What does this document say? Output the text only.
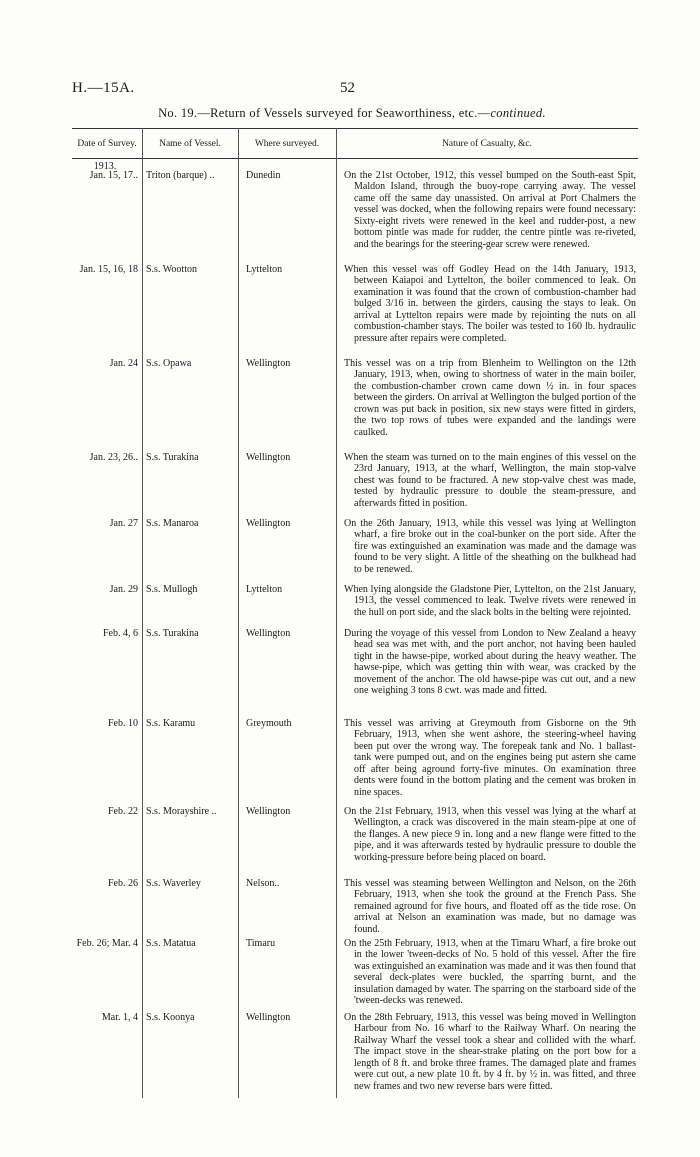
H.—15A.	52
No. 19.—Return of Vessels surveyed for Seaworthiness, etc.—continued.
Date of Survey.	Name of Vessel.	Where surveyed.	Nature of Casualty, &c.
1913.
Jan. 15, 17.. Triton (barque) ..	Dunedin	On the 21st October, 1912, this vessel bumped on the South-east Spit, Maldon Island, through the buoy-rope carrying away. The vessel came off the same day unassisted. On arrival at Port Chalmers the vessel was docked, when the following repairs were found necessary: Sixty-eight rivets were renewed in the keel and rudder-post, a new bottom pintle was made for rudder, the centre pintle was re-riveted, and the bearings for the steering-gear screw were renewed.
Jan. 15, 16, 18 S.s. Wootton	Lyttelton	When this vessel was off Godley Head on the 14th January, 1913, between Kaiapoi and Lyttelton, the boiler commenced to leak. On examination it was found that the crown of combustion-chamber had bulged 3/16 in. between the girders, causing the stays to leak. On arrival at Lyttelton repairs were made by rejointing the nuts on all combustion-chamber stays. The boiler was tested to 160 lb. hydraulic pressure after repairs were completed.
Jan. 24 S.s. Opawa	Wellington	This vessel was on a trip from Blenheim to Wellington on the 12th January, 1913, when, owing to shortness of water in the main boiler, the combustion-chamber crown came down ½ in. in four spaces between the girders. On arrival at Wellington the bulged portion of the crown was put back in position, six new stays were fitted in girders, the two top rows of tubes were expanded and the landings were caulked.
Jan. 23, 26.. S.s. Turakina	Wellington	When the steam was turned on to the main engines of this vessel on the 23rd January, 1913, at the wharf, Wellington, the main stop-valve chest was found to be fractured. A new stop-valve chest was made, tested by hydraulic pressure to double the steam-pressure, and afterwards fitted in position.
Jan. 27 S.s. Manaroa	Wellington	On the 26th January, 1913, while this vessel was lying at Wellington wharf, a fire broke out in the coal-bunker on the port side. After the fire was extinguished an examination was made and the damage was found to be very slight. A little of the sheathing on the bulkhead had to be renewed.
Jan. 29 S.s. Mullogh	Lyttelton	When lying alongside the Gladstone Pier, Lyttelton, on the 21st January, 1913, the vessel commenced to leak. Twelve rivets were renewed in the hull on port side, and the slack bolts in the belting were rejointed.
Feb. 4, 6 S.s. Turakina	Wellington	During the voyage of this vessel from London to New Zealand a heavy head sea was met with, and the port anchor, not having been hauled tight in the hawse-pipe, worked about during the heavy weather. The hawse-pipe, which was getting thin with wear, was cracked by the movement of the anchor. The old hawse-pipe was cut out, and a new one weighing 3 tons 8 cwt. was made and fitted.
Feb. 10 S.s. Karamu	Greymouth	This vessel was arriving at Greymouth from Gisborne on the 9th February, 1913, when she went ashore, the steering-wheel having been put over the wrong way. The forepeak tank and No. 1 ballast-tank were pumped out, and on the engines being put astern she came off after being aground forty-five minutes. On examination three dents were found in the bottom plating and the cement was broken in nine spaces.
Feb. 22 S.s. Morayshire ..	Wellington	On the 21st February, 1913, when this vessel was lying at the wharf at Wellington, a crack was discovered in the main steam-pipe at one of the flanges. A new piece 9 in. long and a new flange were fitted to the pipe, and it was afterwards tested by hydraulic pressure to double the working-pressure before being placed on board.
Feb. 26 S.s. Waverley	Nelson..	This vessel was steaming between Wellington and Nelson, on the 26th February, 1913, when she took the ground at the French Pass. She remained aground for five hours, and floated off as the tide rose. On arrival at Nelson an examination was made, but no damage was found.
Feb. 26; Mar. 4 S.s. Matatua	Timaru	On the 25th February, 1913, when at the Timaru Wharf, a fire broke out in the lower 'tween-decks of No. 5 hold of this vessel. After the fire was extinguished an examination was made and it was then found that several deck-plates were buckled, the sparring burnt, and the insulation damaged by water. The sparring on the starboard side of the 'tween-decks was renewed.
Mar. 1, 4 S.s. Koonya	Wellington	On the 28th February, 1913, this vessel was being moved in Wellington Harbour from No. 16 wharf to the Railway Wharf. On nearing the Railway Wharf the vessel took a shear and collided with the wharf. The impact stove in the shear-strake plating on the port bow for a length of 8 ft. and broke three frames. The damaged plate and frames were cut out, a new plate 10 ft. by 4 ft. by ½ in. was fitted, and three new frames and two new reverse bars were fitted.
